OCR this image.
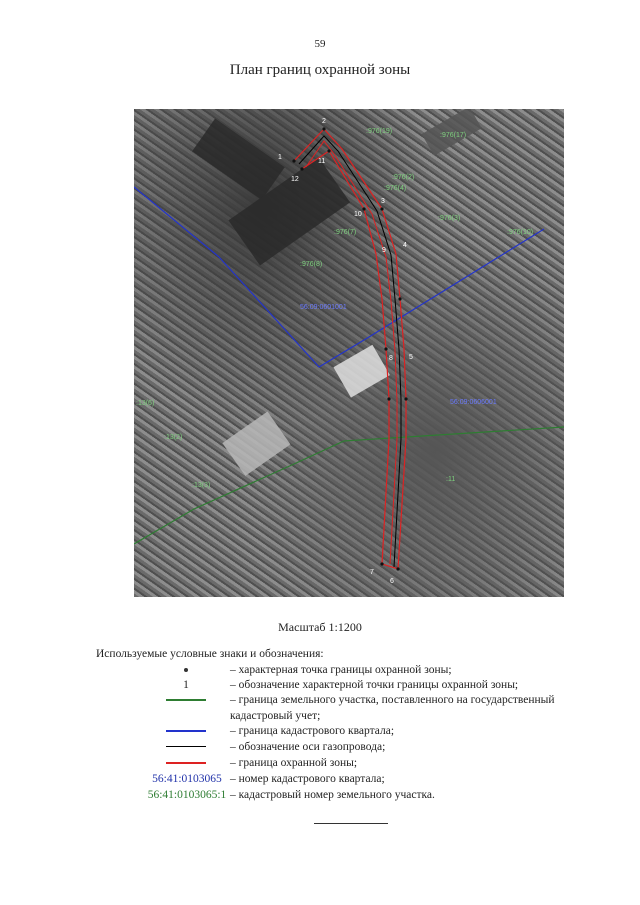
59
План границ охранной зоны
1
2
3
4
5
6
7
8
9
10
11
12
56:09:0601001
56:09:0606001
:976(19)
:976(17)
:976(2)
:976(4)
:976(7)
:976(3)
:976(10)
:976(8)
:13(6)
:13(2)
:13(3)
:11
Масштаб 1:1200
Используемые условные знаки и обозначения:
– характерная точка границы охранной зоны;
1	– обозначение характерной точки границы охранной зоны;
– граница земельного участка, поставленного на государственный кадастровый учет;
– граница кадастрового квартала;
– обозначение оси газопровода;
– граница охранной зоны;
56:41:0103065 – номер кадастрового квартала;
56:41:0103065:1 – кадастровый номер земельного участка.
